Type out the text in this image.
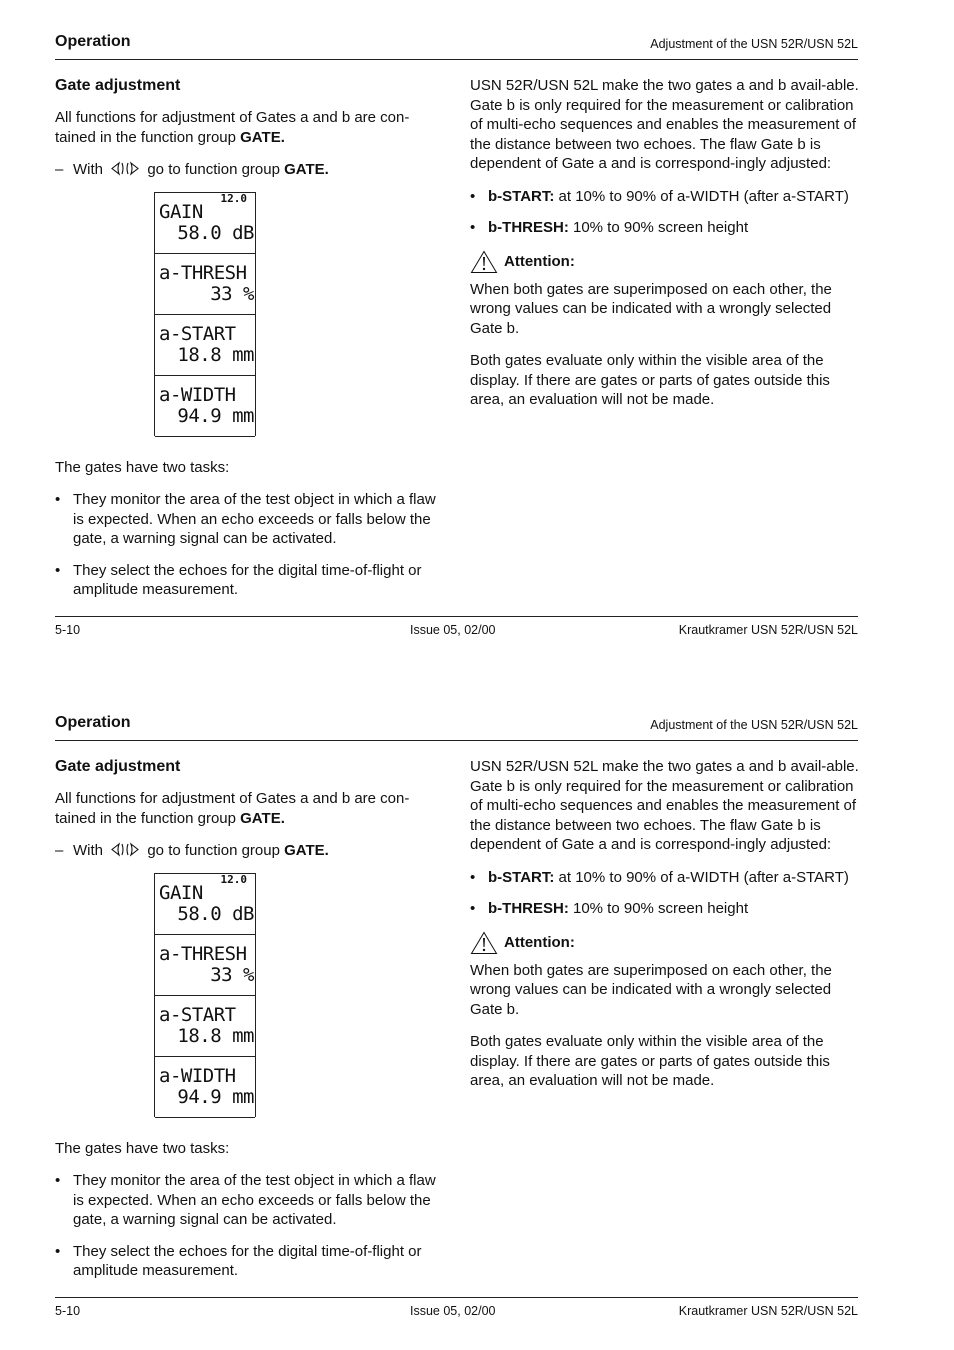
Operation	Adjustment of the USN 52R/USN 52L
Gate adjustment

All functions for adjustment of Gates a and b are con-tained in the function group GATE.

– With	go to function group GATE.
12.0
GAIN
58.0 dB
a-THRESH
33 %
a-START
18.8 mm
a-WIDTH
94.9 mm

The gates have two tasks:

• They monitor the area of the test object in which a flaw is expected. When an echo exceeds or falls below the gate, a warning signal can be activated.
• They select the echoes for the digital time-of-flight or amplitude measurement.

USN 52R/USN 52L make the two gates a and b avail-able. Gate b is only required for the measurement or calibration of multi-echo sequences and enables the measurement of the distance between two echoes. The flaw Gate b is dependent of Gate a and is correspond-ingly adjusted:

• b-START: at 10% to 90% of a-WIDTH (after a-START)
• b-THRESH: 10% to 90% screen height
Attention:

When both gates are superimposed on each other, the wrong values can be indicated with a wrongly selected Gate b.

Both gates evaluate only within the visible area of the display. If there are gates or parts of gates outside this area, an evaluation will not be made.

5-10	Issue 05, 02/00	Krautkramer USN 52R/USN 52L
Operation	Adjustment of the USN 52R/USN 52L
Gate adjustment

All functions for adjustment of Gates a and b are con-tained in the function group GATE.

– With	go to function group GATE.
12.0
GAIN
58.0 dB
a-THRESH
33 %
a-START
18.8 mm
a-WIDTH
94.9 mm

The gates have two tasks:

• They monitor the area of the test object in which a flaw is expected. When an echo exceeds or falls below the gate, a warning signal can be activated.
• They select the echoes for the digital time-of-flight or amplitude measurement.

USN 52R/USN 52L make the two gates a and b avail-able. Gate b is only required for the measurement or calibration of multi-echo sequences and enables the measurement of the distance between two echoes. The flaw Gate b is dependent of Gate a and is correspond-ingly adjusted:

• b-START: at 10% to 90% of a-WIDTH (after a-START)
• b-THRESH: 10% to 90% screen height
Attention:

When both gates are superimposed on each other, the wrong values can be indicated with a wrongly selected Gate b.

Both gates evaluate only within the visible area of the display. If there are gates or parts of gates outside this area, an evaluation will not be made.

5-10	Issue 05, 02/00	Krautkramer USN 52R/USN 52L
